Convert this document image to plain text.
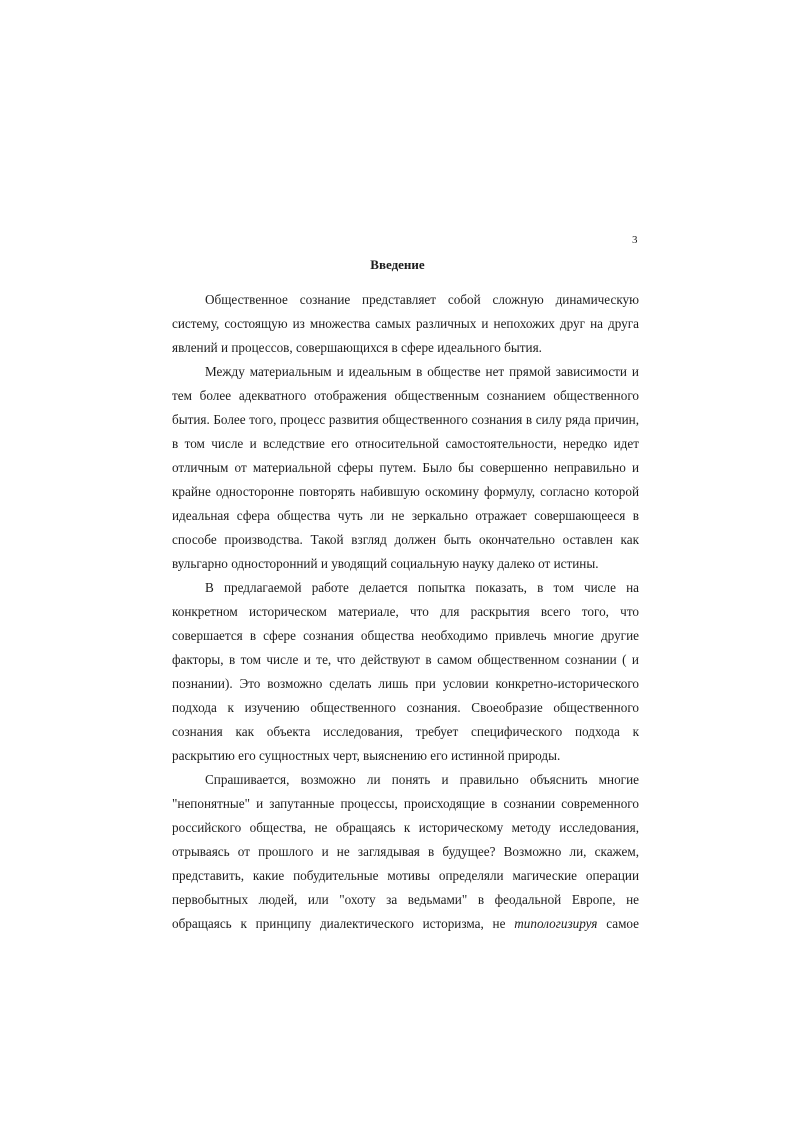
3
Введение
Общественное сознание представляет собой сложную динамическую
систему, состоящую из множества самых различных и непохожих друг на друга
явлений и процессов, совершающихся в сфере идеального бытия.
Между материальным и идеальным в обществе нет прямой зависимости и
тем более адекватного отображения общественным сознанием общественного
бытия. Более того, процесс развития общественного сознания в силу ряда причин,
в том числе и вследствие его относительной самостоятельности, нередко идет
отличным от материальной сферы путем. Было бы совершенно неправильно и
крайне односторонне повторять набившую оскомину формулу, согласно которой
идеальная сфера общества чуть ли не зеркально отражает совершающееся в
способе производства. Такой взгляд должен быть окончательно оставлен как
вульгарно односторонний и уводящий социальную науку далеко от истины.
В предлагаемой работе делается попытка показать, в том числе на
конкретном историческом материале, что для раскрытия всего того, что
совершается в сфере сознания общества необходимо привлечь многие другие
факторы, в том числе и те, что действуют в самом общественном сознании ( и
познании). Это возможно сделать лишь при условии конкретно-исторического
подхода к изучению общественного сознания. Своеобразие общественного
сознания как объекта исследования, требует специфического подхода к
раскрытию его сущностных черт, выяснению его истинной природы.
Спрашивается, возможно ли понять и правильно объяснить многие
"непонятные" и запутанные процессы, происходящие в сознании современного
российского общества, не обращаясь к историческому методу исследования,
отрываясь от прошлого и не заглядывая в будущее? Возможно ли, скажем,
представить, какие побудительные мотивы определяли магические операции
первобытных людей, или "охоту за ведьмами" в феодальной Европе, не
обращаясь к принципу диалектического историзма, не типологизируя самое
